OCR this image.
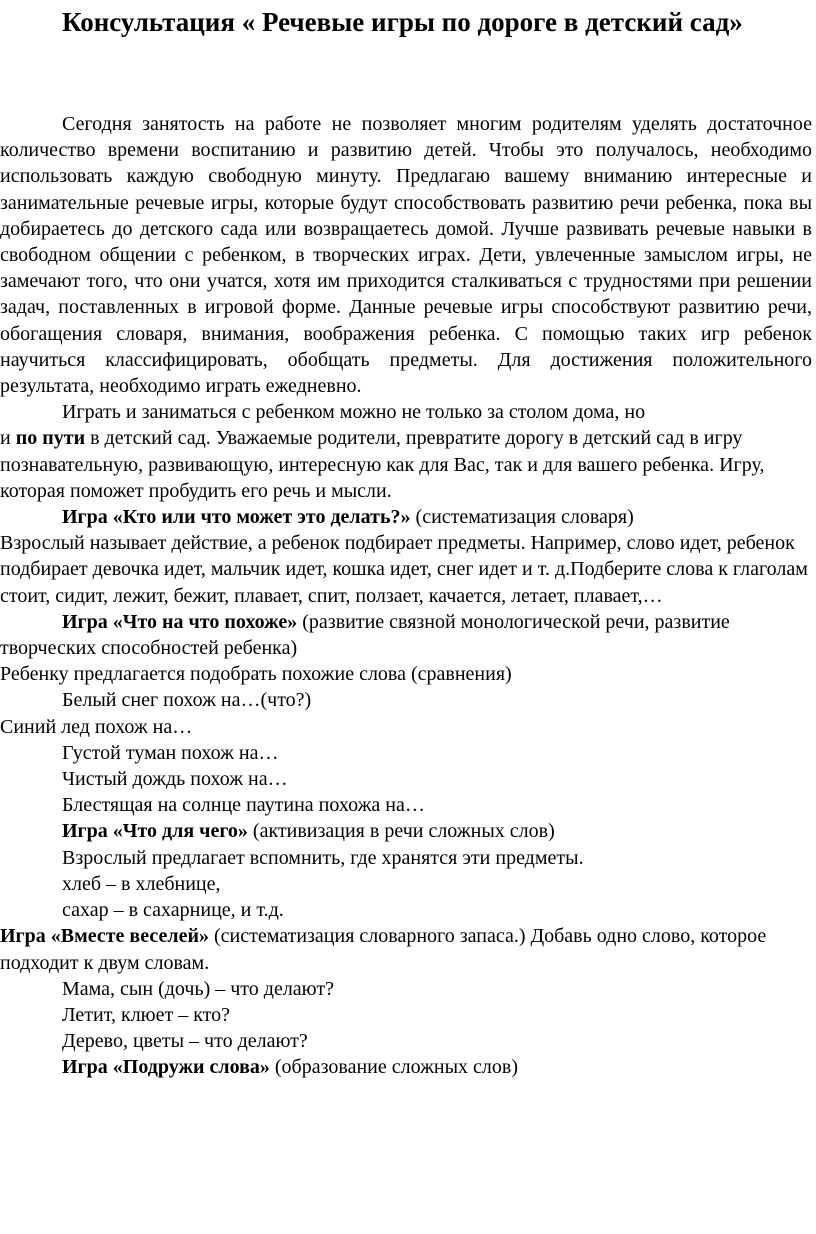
Консультация « Речевые игры по дороге в детский сад»

Сегодня занятость на работе не позволяет многим родителям уделять достаточное количество времени воспитанию и развитию детей. Чтобы это получалось, необходимо использовать каждую свободную минуту. Предлагаю вашему вниманию интересные и занимательные речевые игры, которые будут способствовать развитию речи ребенка, пока вы добираетесь до детского сада или возвращаетесь домой. Лучше развивать речевые навыки в свободном общении с ребенком, в творческих играх. Дети, увлеченные замыслом игры, не замечают того, что они учатся, хотя им приходится сталкиваться с трудностями при решении задач, поставленных в игровой форме. Данные речевые игры способствуют развитию речи, обогащения словаря, внимания, воображения ребенка. С помощью таких игр ребенок научиться классифицировать, обобщать предметы. Для достижения положительного результата, необходимо играть ежедневно.

Играть и заниматься с ребенком можно не только за столом дома, но

и по пути в детский сад. Уважаемые родители, превратите дорогу в детский сад в игру познавательную, развивающую, интересную как для Вас, так и для вашего ребенка. Игру, которая поможет пробудить его речь и мысли.

Игра «Кто или что может это делать?» (систематизация словаря)

Взрослый называет действие, а ребенок подбирает предметы. Например, слово идет, ребенок подбирает девочка идет, мальчик идет, кошка идет, снег идет и т. д.Подберите слова к глаголам стоит, сидит, лежит, бежит, плавает, спит, ползает, качается, летает, плавает,…

Игра «Что на что похоже» (развитие связной монологической речи, развитие творческих способностей ребенка)

Ребенку предлагается подобрать похожие слова (сравнения)

Белый снег похож на…(что?)

Синий лед похож на…

Густой туман похож на…

Чистый дождь похож на…

Блестящая на солнце паутина похожа на…

Игра «Что для чего» (активизация в речи сложных слов)

Взрослый предлагает вспомнить, где хранятся эти предметы.

хлеб – в хлебнице,

сахар – в сахарнице, и т.д.

Игра «Вместе веселей» (систематизация словарного запаса.) Добавь одно слово, которое подходит к двум словам.

Мама, сын (дочь) – что делают?

Летит, клюет – кто?

Дерево, цветы – что делают?

Игра «Подружи слова» (образование сложных слов)
